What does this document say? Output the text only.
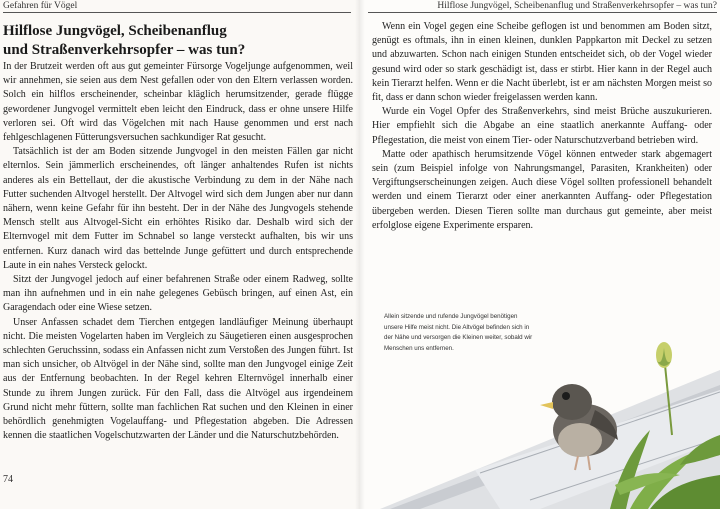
Gefahren für Vögel	Hilflose Jungvögel, Scheibenanflug und Straßenverkehrsopfer – was tun?
Hilflose Jungvögel, Scheibenanflug
und Straßenverkehrsopfer – was tun?

In der Brutzeit werden oft aus gut gemeinter Fürsorge Vogeljunge aufgenommen, weil wir annehmen, sie seien aus dem Nest gefallen oder von den Eltern verlassen worden. Solch ein hilflos erscheinender, scheinbar kläglich herumsitzender, gerade flügge gewordener Jungvogel vermittelt eben leicht den Eindruck, dass er ohne unsere Hilfe verloren sei. Oft wird das Vögelchen mit nach Hause genommen und erst nach fehlgeschlagenen Fütterungsversuchen sachkundiger Rat gesucht.

Tatsächlich ist der am Boden sitzende Jungvogel in den meisten Fällen gar nicht elternlos. Sein jämmerlich erscheinendes, oft länger anhaltendes Rufen ist nichts anderes als ein Bettellaut, der die akustische Verbindung zu dem in der Nähe nach Futter suchenden Altvogel herstellt. Der Altvogel wird sich dem Jungen aber nur dann nähern, wenn keine Gefahr für ihn besteht. Der in der Nähe des Jungvogels stehende Mensch stellt aus Altvogel-Sicht ein erhöhtes Risiko dar. Deshalb wird sich der Elternvogel mit dem Futter im Schnabel so lange versteckt aufhalten, bis wir uns entfernen. Kurz danach wird das bettelnde Junge gefüttert und durch entsprechende Laute in ein nahes Versteck gelockt.

Sitzt der Jungvogel jedoch auf einer befahrenen Straße oder einem Radweg, sollte man ihn aufnehmen und in ein nahe gelegenes Gebüsch bringen, auf einen Ast, ein Garagendach oder eine Wiese setzen.

Unser Anfassen schadet dem Tierchen entgegen landläufiger Meinung überhaupt nicht. Die meisten Vogelarten haben im Vergleich zu Säugetieren einen ausgesprochen schlechten Geruchssinn, sodass ein Anfassen nicht zum Verstoßen des Jungen führt. Ist man sich unsicher, ob Altvögel in der Nähe sind, sollte man den Jungvogel einige Zeit aus der Entfernung beobachten. In der Regel kehren Elternvögel innerhalb einer Stunde zu ihrem Jungen zurück. Für den Fall, dass die Altvögel aus irgendeinem Grund nicht mehr füttern, sollte man fachlichen Rat suchen und den Kleinen in einer behördlich genehmigten Vogelauffang- und Pflegestation abgeben. Die Adressen kennen die staatlichen Vogelschutzwarten der Länder und die Naturschutzbehörden.

74

Wenn ein Vogel gegen eine Scheibe geflogen ist und benommen am Boden sitzt, genügt es oftmals, ihn in einen kleinen, dunklen Pappkarton mit Deckel zu setzen und abzuwarten. Schon nach einigen Stunden entscheidet sich, ob der Vogel wieder gesund wird oder so stark geschädigt ist, dass er stirbt. Hier kann in der Regel auch kein Tierarzt helfen. Wenn er die Nacht überlebt, ist er am nächsten Morgen meist so fit, dass er dann schon wieder freigelassen werden kann.

Wurde ein Vogel Opfer des Straßenverkehrs, sind meist Brüche auszukurieren. Hier empfiehlt sich die Abgabe an eine staatlich anerkannte Auffang- oder Pflegestation, die meist von einem Tier- oder Naturschutzverband betrieben wird.

Matte oder apathisch herumsitzende Vögel können entweder stark abgemagert sein (zum Beispiel infolge von Nahrungsmangel, Parasiten, Krankheiten) oder Vergiftungserscheinungen zeigen. Auch diese Vögel sollten professionell behandelt werden und einem Tierarzt oder einer anerkannten Auffang- oder Pflegestation übergeben werden. Diesen Tieren sollte man durchaus gut gemeinte, aber meist erfolglose eigene Experimente ersparen.

Allein sitzende und rufende Jungvögel benötigen unsere Hilfe meist nicht. Die Altvögel befinden sich in der Nähe und versorgen die Kleinen weiter, sobald wir Menschen uns entfernen.
